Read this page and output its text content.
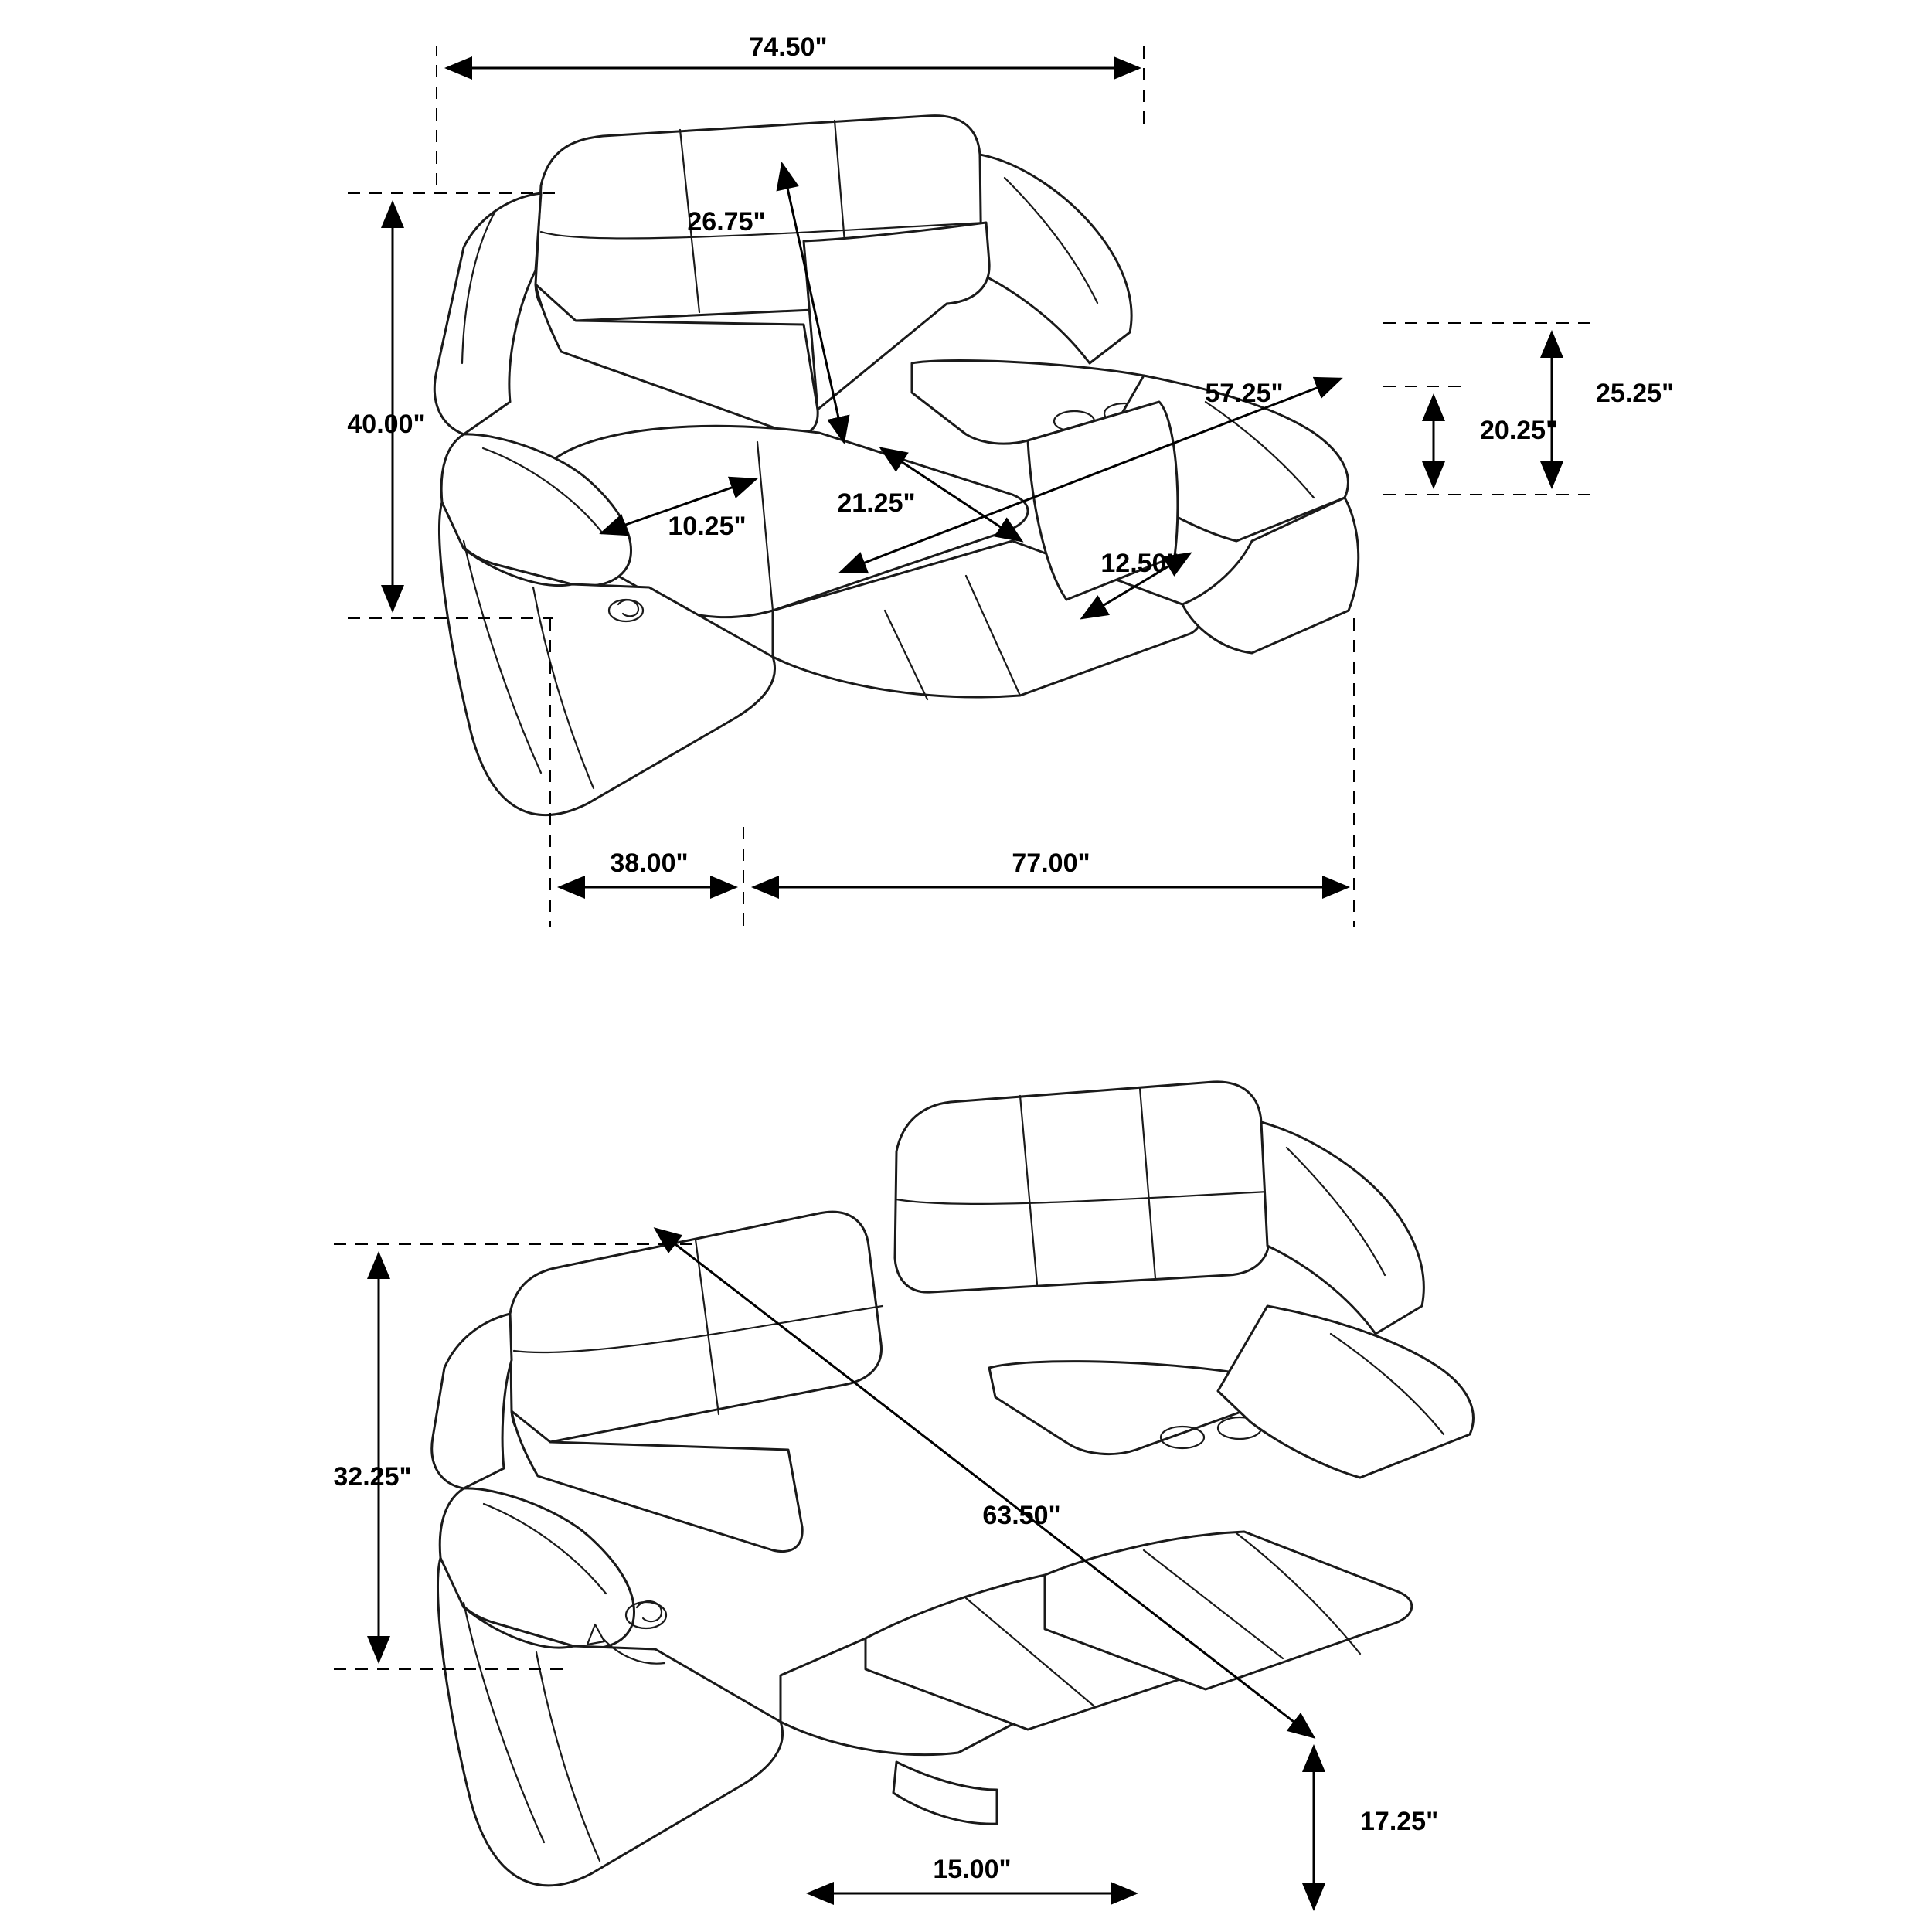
74.50"
40.00"
26.75"
21.25"
10.25"
57.25"
12.50"
25.25"
20.25"
38.00"	77.00"
32.25"
63.50"
17.25"
15.00"
